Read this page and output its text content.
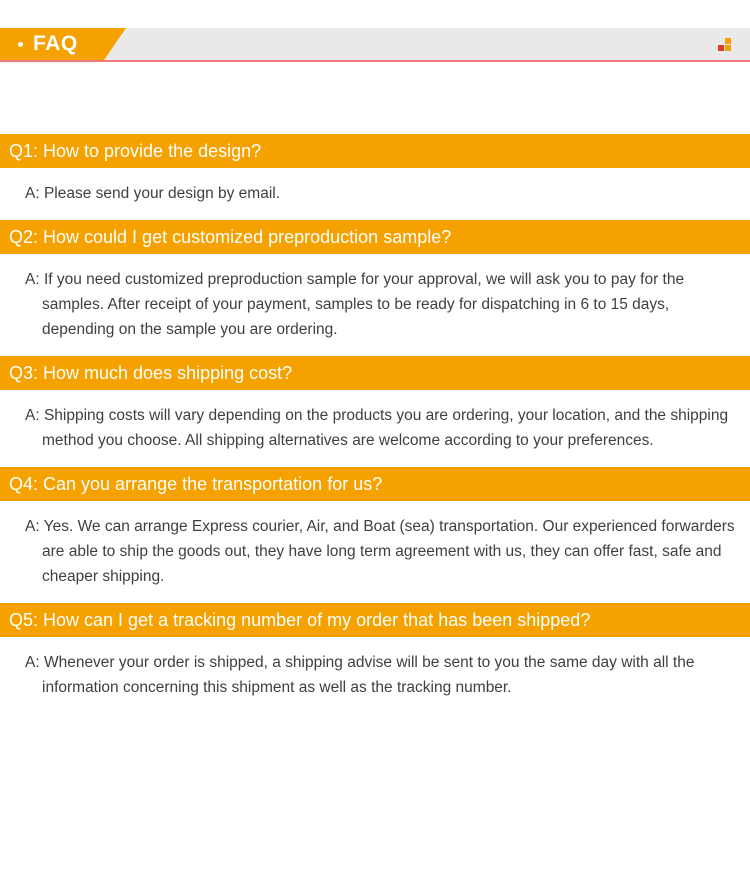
FAQ
Q1: How to provide the design?
A: Please send your design by email.
Q2: How could I get customized preproduction sample?
A: If you need customized preproduction sample for your approval, we will ask you to pay for the samples. After receipt of your payment, samples to be ready for dispatching in 6 to 15 days, depending on the sample you are ordering.
Q3: How much does shipping cost?
A: Shipping costs will vary depending on the products you are ordering, your location, and the shipping method you choose. All shipping alternatives are welcome according to your preferences.
Q4: Can you arrange the transportation for us?
A: Yes. We can arrange Express courier, Air, and Boat (sea) transportation. Our experienced forwarders are able to ship the goods out, they have long term agreement with us, they can offer fast, safe and cheaper shipping.
Q5: How can I get a tracking number of my order that has been shipped?
A: Whenever your order is shipped, a shipping advise will be sent to you the same day with all the information concerning this shipment as well as the tracking number.
